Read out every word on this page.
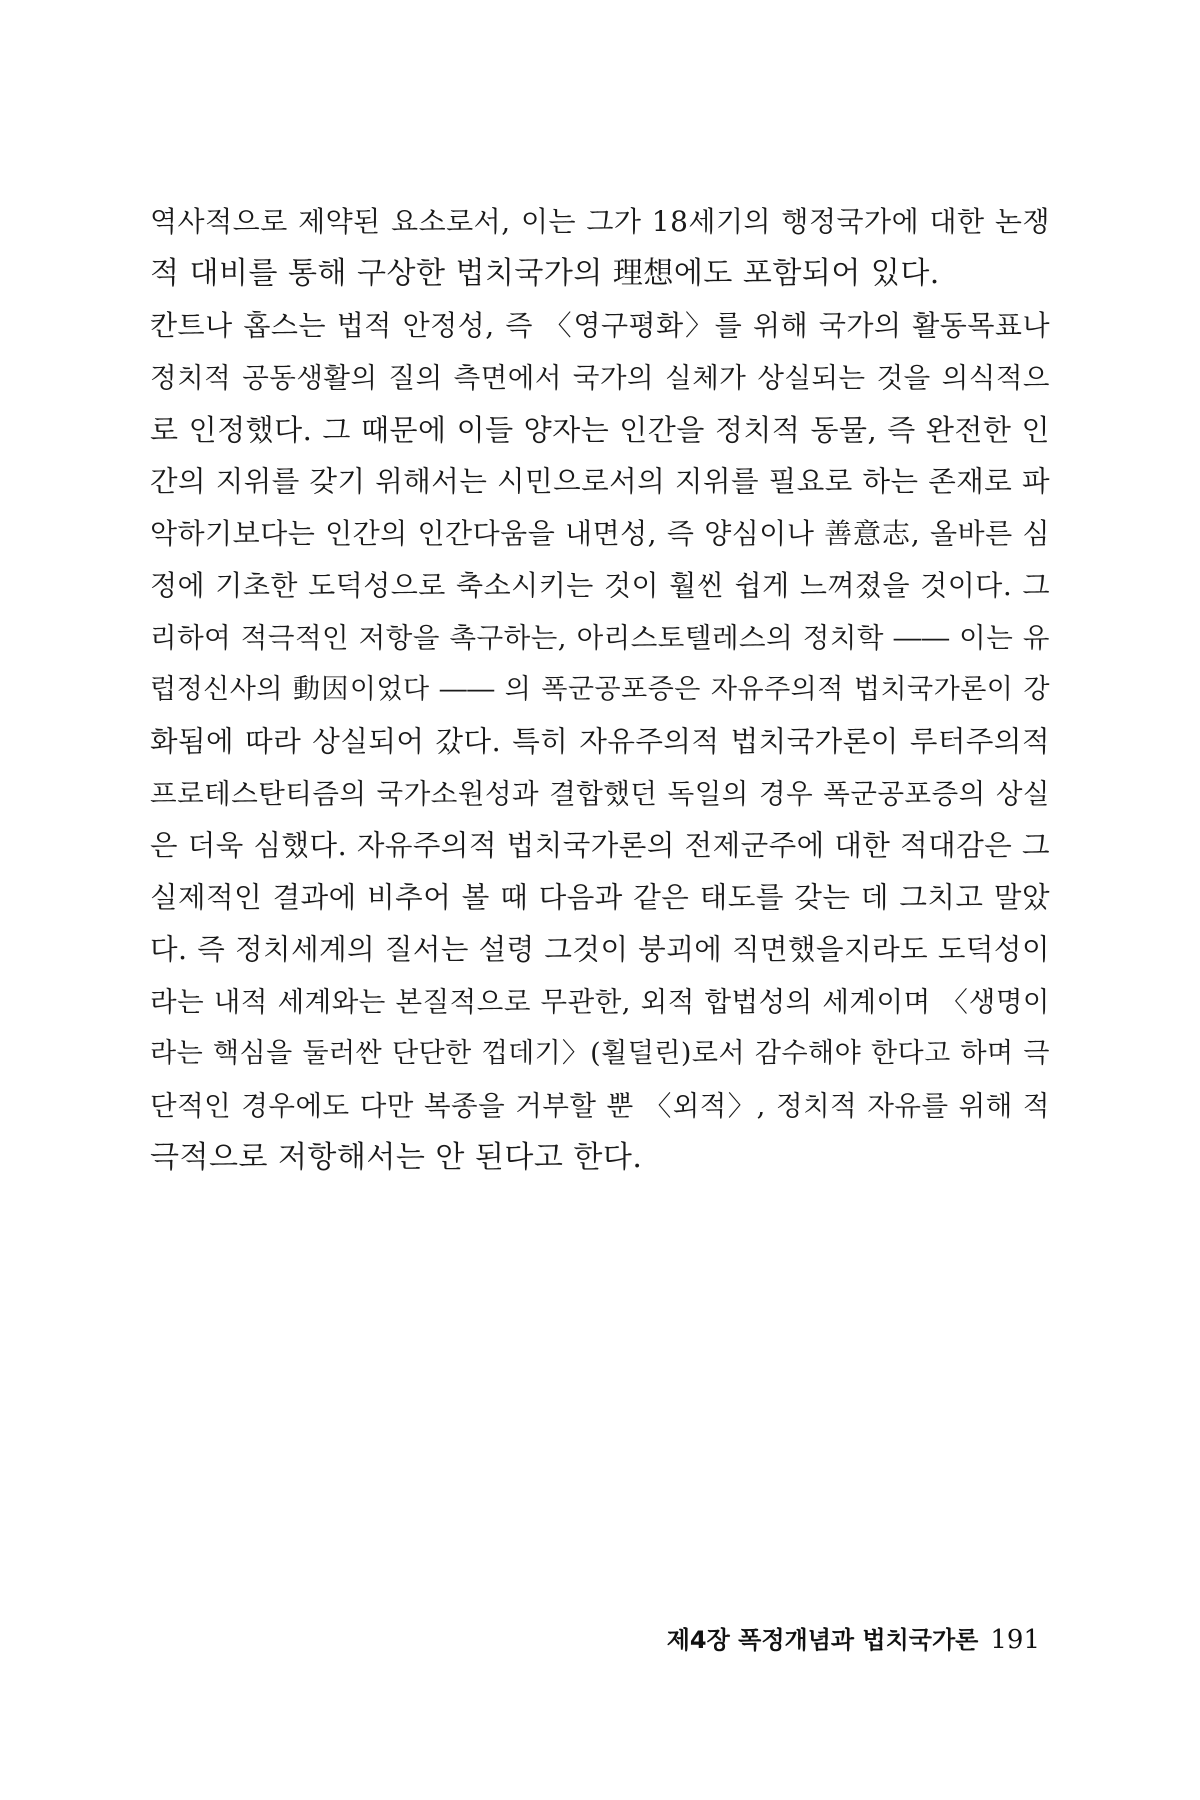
역사적으로 제약된 요소로서, 이는 그가 18세기의 행정국가에 대한 논쟁
적 대비를 통해 구상한 법치국가의 理想에도 포함되어 있다.
칸트나 홉스는 법적 안정성, 즉 〈영구평화〉를 위해 국가의 활동목표나
정치적 공동생활의 질의 측면에서 국가의 실체가 상실되는 것을 의식적으
로 인정했다. 그 때문에 이들 양자는 인간을 정치적 동물, 즉 완전한 인
간의 지위를 갖기 위해서는 시민으로서의 지위를 필요로 하는 존재로 파
악하기보다는 인간의 인간다움을 내면성, 즉 양심이나 善意志, 올바른 심
정에 기초한 도덕성으로 축소시키는 것이 훨씬 쉽게 느껴졌을 것이다. 그
리하여 적극적인 저항을 촉구하는, 아리스토텔레스의 정치학 ―― 이는 유
럽정신사의 動因이었다 ―― 의 폭군공포증은 자유주의적 법치국가론이 강
화됨에 따라 상실되어 갔다. 특히 자유주의적 법치국가론이 루터주의적
프로테스탄티즘의 국가소원성과 결합했던 독일의 경우 폭군공포증의 상실
은 더욱 심했다. 자유주의적 법치국가론의 전제군주에 대한 적대감은 그
실제적인 결과에 비추어 볼 때 다음과 같은 태도를 갖는 데 그치고 말았
다. 즉 정치세계의 질서는 설령 그것이 붕괴에 직면했을지라도 도덕성이
라는 내적 세계와는 본질적으로 무관한, 외적 합법성의 세계이며 〈생명이
라는 핵심을 둘러싼 단단한 껍데기〉(횔덜린)로서 감수해야 한다고 하며 극
단적인 경우에도 다만 복종을 거부할 뿐 〈외적〉, 정치적 자유를 위해 적
극적으로 저항해서는 안 된다고 한다.
제4장 폭정개념과 법치국가론 191
